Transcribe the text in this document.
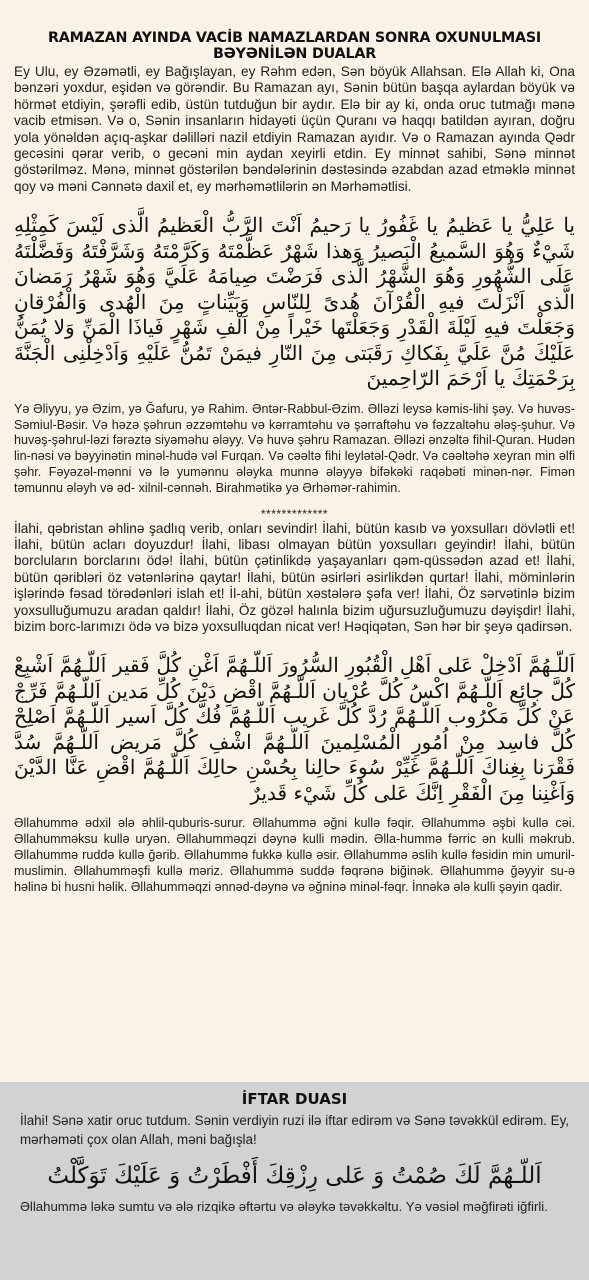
RAMAZAN AYINDA VACİB NAMAZLARDAN SONRA OXUNULMASI BƏYƏNİLƏN DUALAR

Ey Ulu, ey Əzəmətli, ey Bağışlayan, ey Rəhm edən, Sən böyük Allahsan. Elə Allah ki, Ona bənzəri yoxdur, eşidən və görəndir. Bu Ramazan ayı, Sənin bütün başqa aylardan böyük və hörmət etdiyin, şərəfli edib, üstün tutduğun bir aydır. Elə bir ay ki, onda oruc tutmağı mənə vacib etmisən. Və o, Sənin insanların hidayəti üçün Quranı və haqqı batildən ayıran, doğru yola yönəldən açıq-aşkar dəlilləri nazil etdiyin Ramazan ayıdır. Və o Ramazan ayında Qədr gecəsini qərar verib, o gecəni min aydan xeyirli etdin. Ey minnət sahibi, Sənə minnət göstərilməz. Mənə, minnət göstərilən bəndələrinin dəstəsində əzabdan azad etməklə minnət qoy və məni Cənnətə daxil et, ey mərhəmətlilərin ən Mərhəmətlisi.

يا عَلِيُّ يا عَظيمُ يا غَفُورُ يا رَحيمُ اَنْتَ الرَّبُّ الْعَظيمُ الَّذى لَيْسَ كَمِثْلِهِ شَيْءٌ وَهُوَ السَّميعُ الْبَصيرُ وَهذا شَهْرٌ عَظَّمْتَهُ وَكَرَّمْتَهُ وَشَرَّفْتَهُ وَفَضَّلْتَهُ عَلَى الشُّهُورِ وَهُوَ الشَّهْرُ الَّذى فَرَضْتَ صِيامَهُ عَلَيَّ وَهُوَ شَهْرُ رَمَضانَ الَّذى اَنْزَلْتَ فيهِ الْقُرْآنَ هُدىً لِلنّاسِ وَبَيِّناتٍ مِنَ الْهُدى وَالْفُرْقانِ وَجَعَلْتَ فيهِ لَيْلَةَ الْقَدْرِ وَجَعَلْتَها خَيْراً مِنْ اَلْفِ شَهْرٍ فَياذَا الْمَنِّ وَلا يُمَنُّ عَلَيْكَ مُنَّ عَلَيَّ بِفَكاكِ رَقَبَتى مِنَ النّارِ فيمَنْ تَمُنُّ عَلَيْهِ وَاَدْخِلْنِى الْجَنَّةَ بِرَحْمَتِكَ يا اَرْحَمَ الرّاحِمينَ

Yə Əliyyu, yə Əzim, yə Ğafuru, yə Rahim. Əntər-Rabbul-Əzim. Əlləzi leysə kəmis-lihi şəy. Və huvəs-Səmiul-Bəsir. Və həzə şəhrun əzzəmtəhu və kərramtəhu və şərraftəhu və fəzzaltəhu ələş-şuhur. Və huvəş-şəhrul-ləzi fərəztə siyəməhu ələyy. Və huvə şəhru Ramazan. Əlləzi ənzəltə fihil-Quran. Hudən lin-nəsi və bəyyinətin minəl-hudə vəl Furqan. Və cəəltə fihi leylətəl-Qədr. Və cəəltəhə xeyran min əlfi şəhr. Fəyəzəl-mənni və lə yumənnu ələyka munnə ələyyə bifəkəki raqəbəti minən-nər. Fimən təmunnu ələyh və əd- xilnil-cənnəh. Birahmətikə yə Ərhəmər-rahimin.

*************

İlahi, qəbristan əhlinə şadlıq verib, onları sevindir! İlahi, bütün kasıb və yoxsulları dövlətli et! İlahi, bütün acları doyuzdur! İlahi, libası olmayan bütün yoxsulları geyindir! İlahi, bütün borcluların borclarını ödə! İlahi, bütün çətinlikdə yaşayanları qəm-qüssədən azad et! İlahi, bütün qəribləri öz vətənlərinə qaytar! İlahi, bütün əsirləri əsirlikdən qurtar! İlahi, möminlərin işlərində fəsad törədənləri islah et! İl-ahi, bütün xəstələrə şəfa ver! İlahi, Öz sərvətinlə bizim yoxsulluğumuzu aradan qaldır! İlahi, Öz gözəl halınla bizim uğursuzluğumuzu dəyişdir! İlahi, bizim borc-larımızı ödə və bizə yoxsulluqdan nicat ver! Həqiqətən, Sən hər bir şeyə qadirsən.

اَللّـهُمَّ اَدْخِلْ عَلى اَهْلِ الْقُبُورِ السُّرُورَ اَللّـهُمَّ اَغْنِ كُلَّ فَقير اَللّـهُمَّ اَشْبِعْ كُلَّ جائِع اَللّـهُمَّ اكْسُ كُلَّ عُرْيان اَللّـهُمَّ اقْضِ دَيْنَ كُلِّ مَدين اَللّـهُمَّ فَرِّجْ عَنْ كُلِّ مَكْرُوب اَللّـهُمَّ رُدَّ كُلَّ غَريب اَللّـهُمَّ فُكَّ كُلَّ اَسير اَللّـهُمَّ اَصْلِحْ كُلَّ فاسِد مِنْ اُمُورِ الْمُسْلِمينَ اَللّـهُمَّ اشْفِ كُلَّ مَريض اَللّـهُمَّ سُدَّ فَقْرَنا بِغِناكَ اَللّـهُمَّ غَيِّرْ سُوءَ حالِنا بِحُسْنِ حالِكَ اَللّـهُمَّ اقْضِ عَنَّا الدَّيْنَ وَاَغْنِنا مِنَ الْفَقْرِ اِنَّكَ عَلى كُلِّ شَيْء قَديرٌ

Əllahummə ədxil ələ əhlil-quburis-surur. Əllahummə əğni kullə fəqir. Əllahummə əşbi kullə cəi. Əllahumməksu kullə uryən. Əllahumməqzi dəynə kulli mədin. Əlla-hummə fərric ən kulli məkrub. Əllahummə ruddə kullə ğərib. Əllahummə fukkə kullə əsir. Əllahummə əslih kullə fəsidin min umuril-muslimin. Əllahumməşfi kullə məriz. Əllahummə suddə fəqrənə biğinək. Əllahummə ğəyyir su-ə həlinə bi husni həlik. Əllahumməqzi ənnəd-dəynə və əğninə minəl-fəqr. İnnəkə ələ kulli şəyin qadir.

İFTAR DUASI

İlahi! Sənə xatir oruc tutdum. Sənin verdiyin ruzi ilə iftar edirəm və Sənə təvəkkül edirəm. Ey, mərhəməti çox olan Allah, məni bağışla!

اَللّـهُمَّ لَكَ صُمْتُ وَ عَلى رِزْقِكَ أَفْطَرْتُ وَ عَلَيْكَ تَوَكَّلْتُ

Əllahummə ləkə sumtu və ələ rizqikə əftərtu və ələykə təvəkkəltu. Yə vəsiəl məğfirəti iğfirli.
